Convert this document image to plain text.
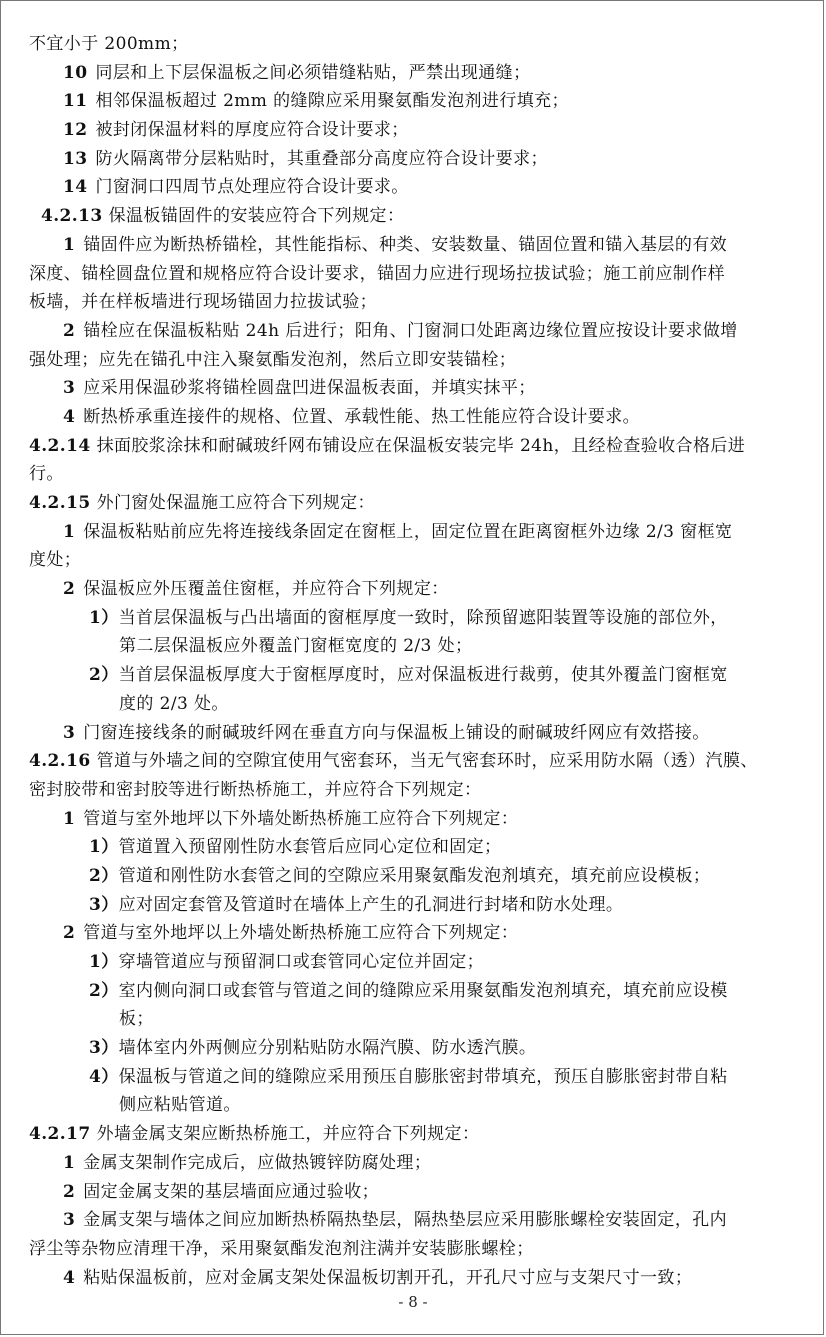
不宜小于 200mm；
10 同层和上下层保温板之间必须错缝粘贴，严禁出现通缝；
11 相邻保温板超过 2mm 的缝隙应采用聚氨酯发泡剂进行填充；
12 被封闭保温材料的厚度应符合设计要求；
13 防火隔离带分层粘贴时，其重叠部分高度应符合设计要求；
14 门窗洞口四周节点处理应符合设计要求。
4.2.13 保温板锚固件的安装应符合下列规定：
1 锚固件应为断热桥锚栓，其性能指标、种类、安装数量、锚固位置和锚入基层的有效
深度、锚栓圆盘位置和规格应符合设计要求，锚固力应进行现场拉拔试验；施工前应制作样
板墙，并在样板墙进行现场锚固力拉拔试验；
2 锚栓应在保温板粘贴 24h 后进行；阳角、门窗洞口处距离边缘位置应按设计要求做增
强处理；应先在锚孔中注入聚氨酯发泡剂，然后立即安装锚栓；
3 应采用保温砂浆将锚栓圆盘凹进保温板表面，并填实抹平；
4 断热桥承重连接件的规格、位置、承载性能、热工性能应符合设计要求。
4.2.14 抹面胶浆涂抹和耐碱玻纤网布铺设应在保温板安装完毕 24h，且经检查验收合格后进
行。
4.2.15 外门窗处保温施工应符合下列规定：
1 保温板粘贴前应先将连接线条固定在窗框上，固定位置在距离窗框外边缘 2/3 窗框宽
度处；
2 保温板应外压覆盖住窗框，并应符合下列规定：
1）当首层保温板与凸出墙面的窗框厚度一致时，除预留遮阳装置等设施的部位外，
第二层保温板应外覆盖门窗框宽度的 2/3 处；
2）当首层保温板厚度大于窗框厚度时，应对保温板进行裁剪，使其外覆盖门窗框宽
度的 2/3 处。
3 门窗连接线条的耐碱玻纤网在垂直方向与保温板上铺设的耐碱玻纤网应有效搭接。
4.2.16 管道与外墙之间的空隙宜使用气密套环，当无气密套环时，应采用防水隔（透）汽膜、
密封胶带和密封胶等进行断热桥施工，并应符合下列规定：
1 管道与室外地坪以下外墙处断热桥施工应符合下列规定：
1）管道置入预留刚性防水套管后应同心定位和固定；
2）管道和刚性防水套管之间的空隙应采用聚氨酯发泡剂填充，填充前应设模板；
3）应对固定套管及管道时在墙体上产生的孔洞进行封堵和防水处理。
2 管道与室外地坪以上外墙处断热桥施工应符合下列规定：
1）穿墙管道应与预留洞口或套管同心定位并固定；
2）室内侧向洞口或套管与管道之间的缝隙应采用聚氨酯发泡剂填充，填充前应设模
板；
3）墙体室内外两侧应分别粘贴防水隔汽膜、防水透汽膜。
4）保温板与管道之间的缝隙应采用预压自膨胀密封带填充，预压自膨胀密封带自粘
侧应粘贴管道。
4.2.17 外墙金属支架应断热桥施工，并应符合下列规定：
1 金属支架制作完成后，应做热镀锌防腐处理；
2 固定金属支架的基层墙面应通过验收；
3 金属支架与墙体之间应加断热桥隔热垫层，隔热垫层应采用膨胀螺栓安装固定，孔内
浮尘等杂物应清理干净，采用聚氨酯发泡剂注满并安装膨胀螺栓；
4 粘贴保温板前，应对金属支架处保温板切割开孔，开孔尺寸应与支架尺寸一致；
- 8 -
